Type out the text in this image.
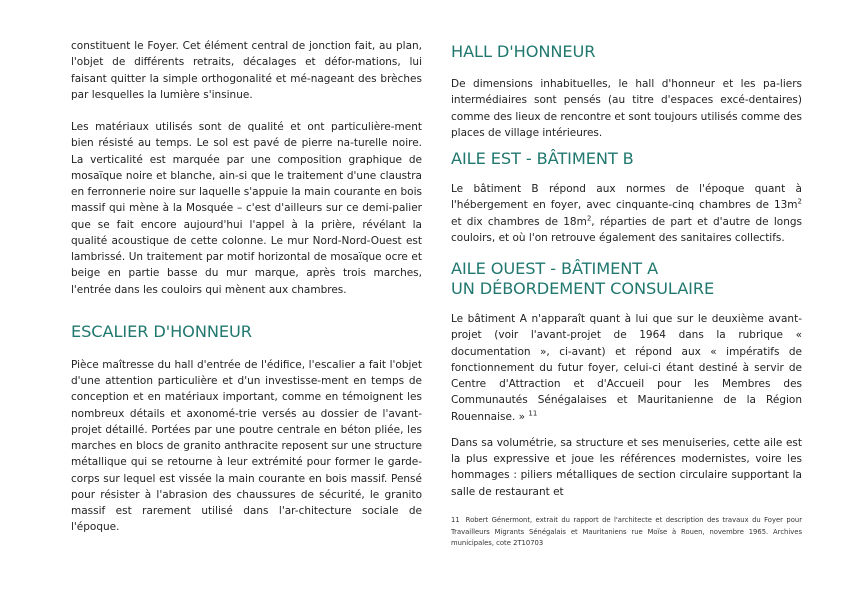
constituent le Foyer. Cet élément central de jonction fait, au plan, l'objet de différents retraits, décalages et défor-mations, lui faisant quitter la simple orthogonalité et mé-nageant des brèches par lesquelles la lumière s'insinue.

Les matériaux utilisés sont de qualité et ont particulière-ment bien résisté au temps. Le sol est pavé de pierre na-turelle noire. La verticalité est marquée par une composition graphique de mosaïque noire et blanche, ain-si que le traitement d'une claustra en ferronnerie noire sur laquelle s'appuie la main courante en bois massif qui mène à la Mosquée – c'est d'ailleurs sur ce demi-palier que se fait encore aujourd'hui l'appel à la prière, révélant la qualité acoustique de cette colonne. Le mur Nord-Nord-Ouest est lambrissé. Un traitement par motif horizontal de mosaïque ocre et beige en partie basse du mur marque, après trois marches, l'entrée dans les couloirs qui mènent aux chambres.

ESCALIER D'HONNEUR

Pièce maîtresse du hall d'entrée de l'édifice, l'escalier a fait l'objet d'une attention particulière et d'un investisse-ment en temps de conception et en matériaux important, comme en témoignent les nombreux détails et axonomé-trie versés au dossier de l'avant-projet détaillé. Portées par une poutre centrale en béton pliée, les marches en blocs de granito anthracite reposent sur une structure métallique qui se retourne à leur extrémité pour former le garde-corps sur lequel est vissée la main courante en bois massif. Pensé pour résister à l'abrasion des chaussures de sécurité, le granito massif est rarement utilisé dans l'ar-chitecture sociale de l'époque.

HALL D'HONNEUR

De dimensions inhabituelles, le hall d'honneur et les pa-liers intermédiaires sont pensés (au titre d'espaces excé-dentaires) comme des lieux de rencontre et sont toujours utilisés comme des places de village intérieures.

AILE EST - BÂTIMENT B

Le bâtiment B répond aux normes de l'époque quant à l'hébergement en foyer, avec cinquante-cinq chambres de $13m^2$ et dix chambres de $18m^2$, réparties de part et d'autre de longs couloirs, et où l'on retrouve également des sanitaires collectifs.

AILE OUEST - BÂTIMENT A
UN DÉBORDEMENT CONSULAIRE

Le bâtiment A n'apparaît quant à lui que sur le deuxième avant-projet (voir l'avant-projet de 1964 dans la rubrique « documentation », ci-avant) et répond aux « impératifs de fonctionnement du futur foyer, celui-ci étant destiné à servir de Centre d'Attraction et d'Accueil pour les Membres des Communautés Sénégalaises et Mauritanienne de la Région Rouennaise. » $^{11}$

Dans sa volumétrie, sa structure et ses menuiseries, cette aile est la plus expressive et joue les références modernistes, voire les hommages : piliers métalliques de section circulaire supportant la salle de restaurant et

11 Robert Génermont, extrait du rapport de l'architecte et description des travaux du Foyer pour Travailleurs Migrants Sénégalais et Mauritaniens rue Moïse à Rouen, novembre 1965. Archives municipales, cote 2T10703
